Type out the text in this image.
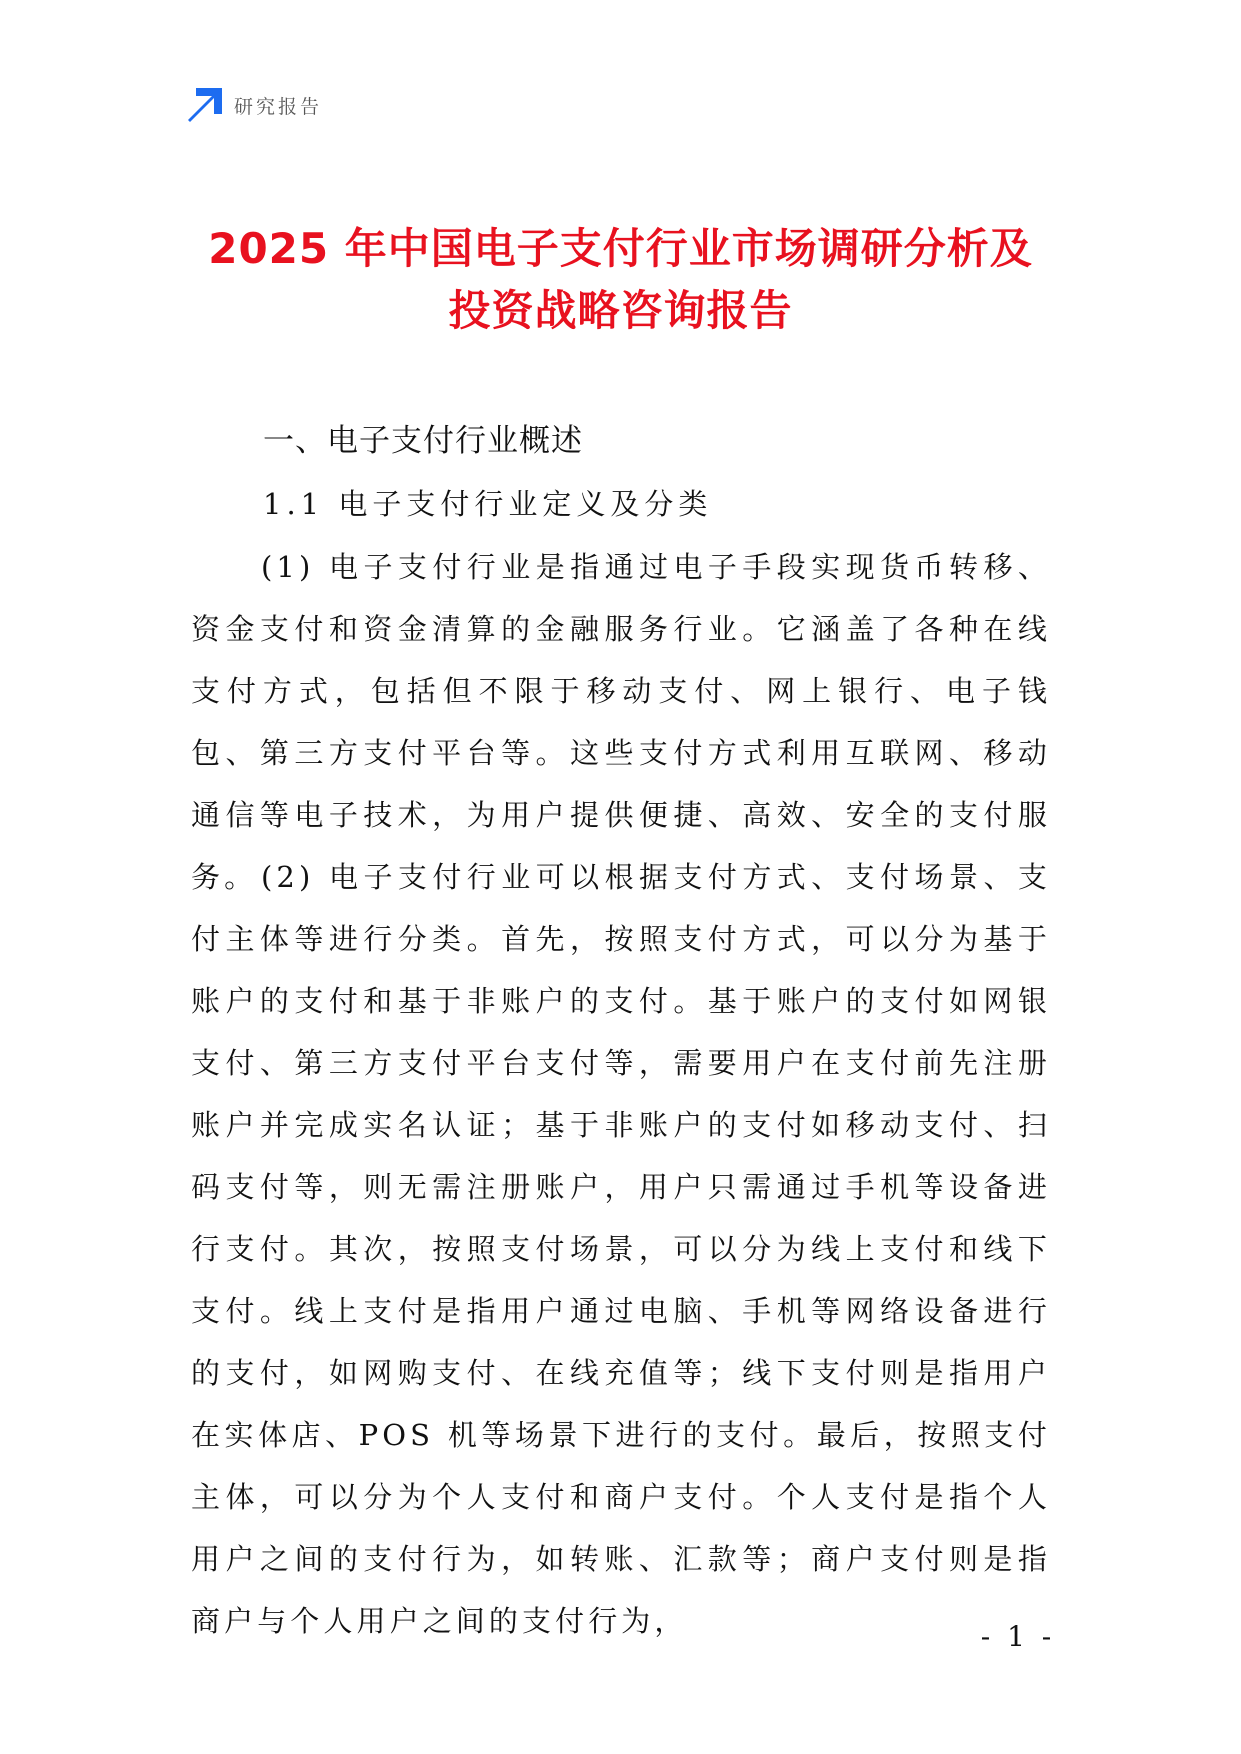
研究报告
2025 年中国电子支付行业市场调研分析及
投资战略咨询报告
一、电子支付行业概述
1.1 电子支付行业定义及分类

(1) 电子支付行业是指通过电子手段实现货币转移、资金支付和资金清算的金融服务行业。它涵盖了各种在线支付方式，包括但不限于移动支付、网上银行、电子钱包、第三方支付平台等。这些支付方式利用互联网、移动通信等电子技术，为用户提供便捷、高效、安全的支付服务。 (2) 电子支付行业可以根据支付方式、支付场景、支付主体等进行分类。首先，按照支付方式，可以分为基于账户的支付和基于非账户的支付。基于账户的支付如网银支付、第三方支付平台支付等，需要用户在支付前先注册账户并完成实名认证；基于非账户的支付如移动支付、扫码支付等，则无需注册账户，用户只需通过手机等设备进行支付。其次，按照支付场景，可以分为线上支付和线下支付。线上支付是指用户通过电脑、手机等网络设备进行的支付，如网购支付、在线充值等；线下支付则是指用户在实体店、POS 机等场景下进行的支付。最后，按照支付主体，可以分为个人支付和商户支付。个人支付是指个人用户之间的支付行为，如转账、汇款等；商户支付则是指商户与个人用户之间的支付行为，	- 1 -
